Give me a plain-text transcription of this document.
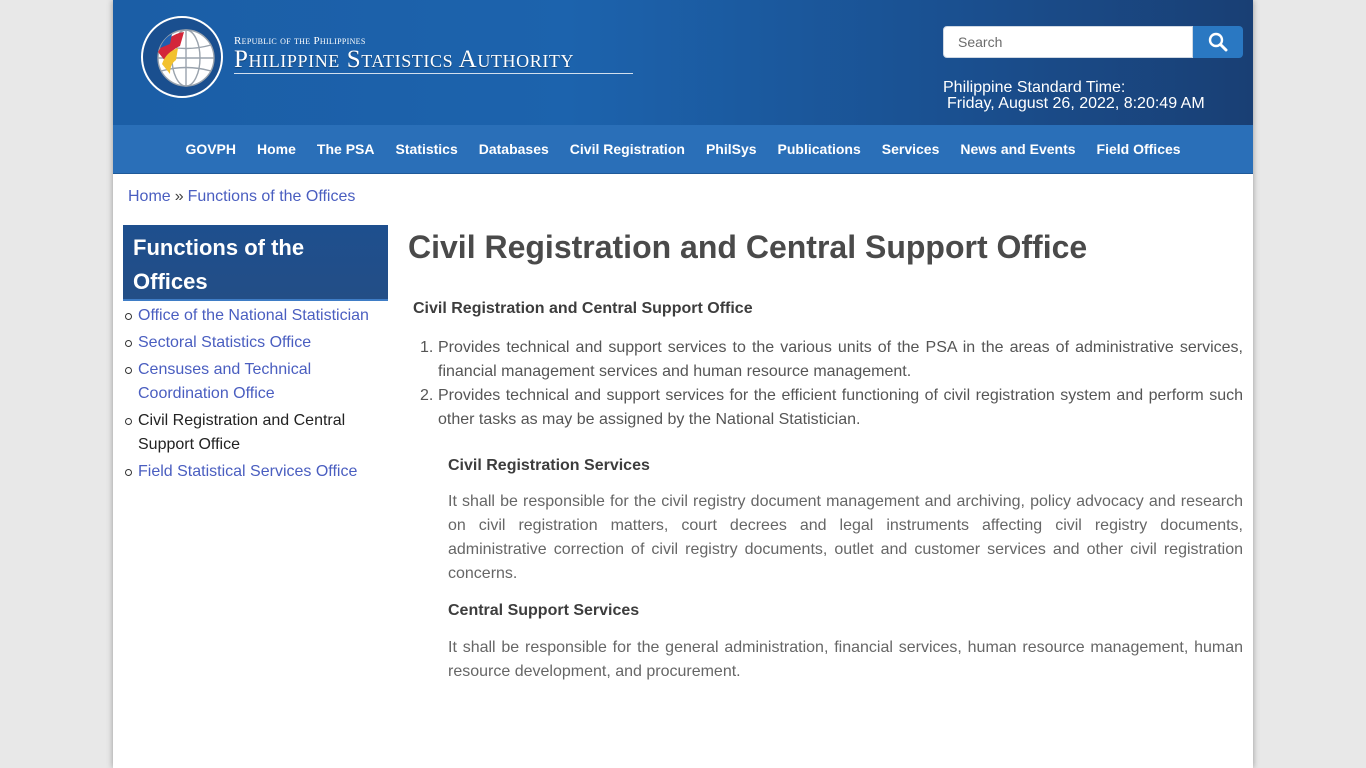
Republic of the Philippines
Philippine Statistics Authority
Search
Philippine Standard Time:
Friday, August 26, 2022, 8:20:49 AM
GOVPH	Home	The PSA	Statistics	Databases	Civil Registration	PhilSys	Publications	Services	News and Events	Field Offices
Home » Functions of the Offices
Functions of the Offices
Office of the National Statistician
Sectoral Statistics Office
Censuses and Technical Coordination Office
Civil Registration and Central Support Office
Field Statistical Services Office
Civil Registration and Central Support Office
Civil Registration and Central Support Office
1. Provides technical and support services to the various units of the PSA in the areas of administrative services, financial management services and human resource management.
2. Provides technical and support services for the efficient functioning of civil registration system and perform such other tasks as may be assigned by the National Statistician.
Civil Registration Services
It shall be responsible for the civil registry document management and archiving, policy advocacy and research on civil registration matters, court decrees and legal instruments affecting civil registry documents, administrative correction of civil registry documents, outlet and customer services and other civil registration concerns.
Central Support Services
It shall be responsible for the general administration, financial services, human resource management, human resource development, and procurement.
